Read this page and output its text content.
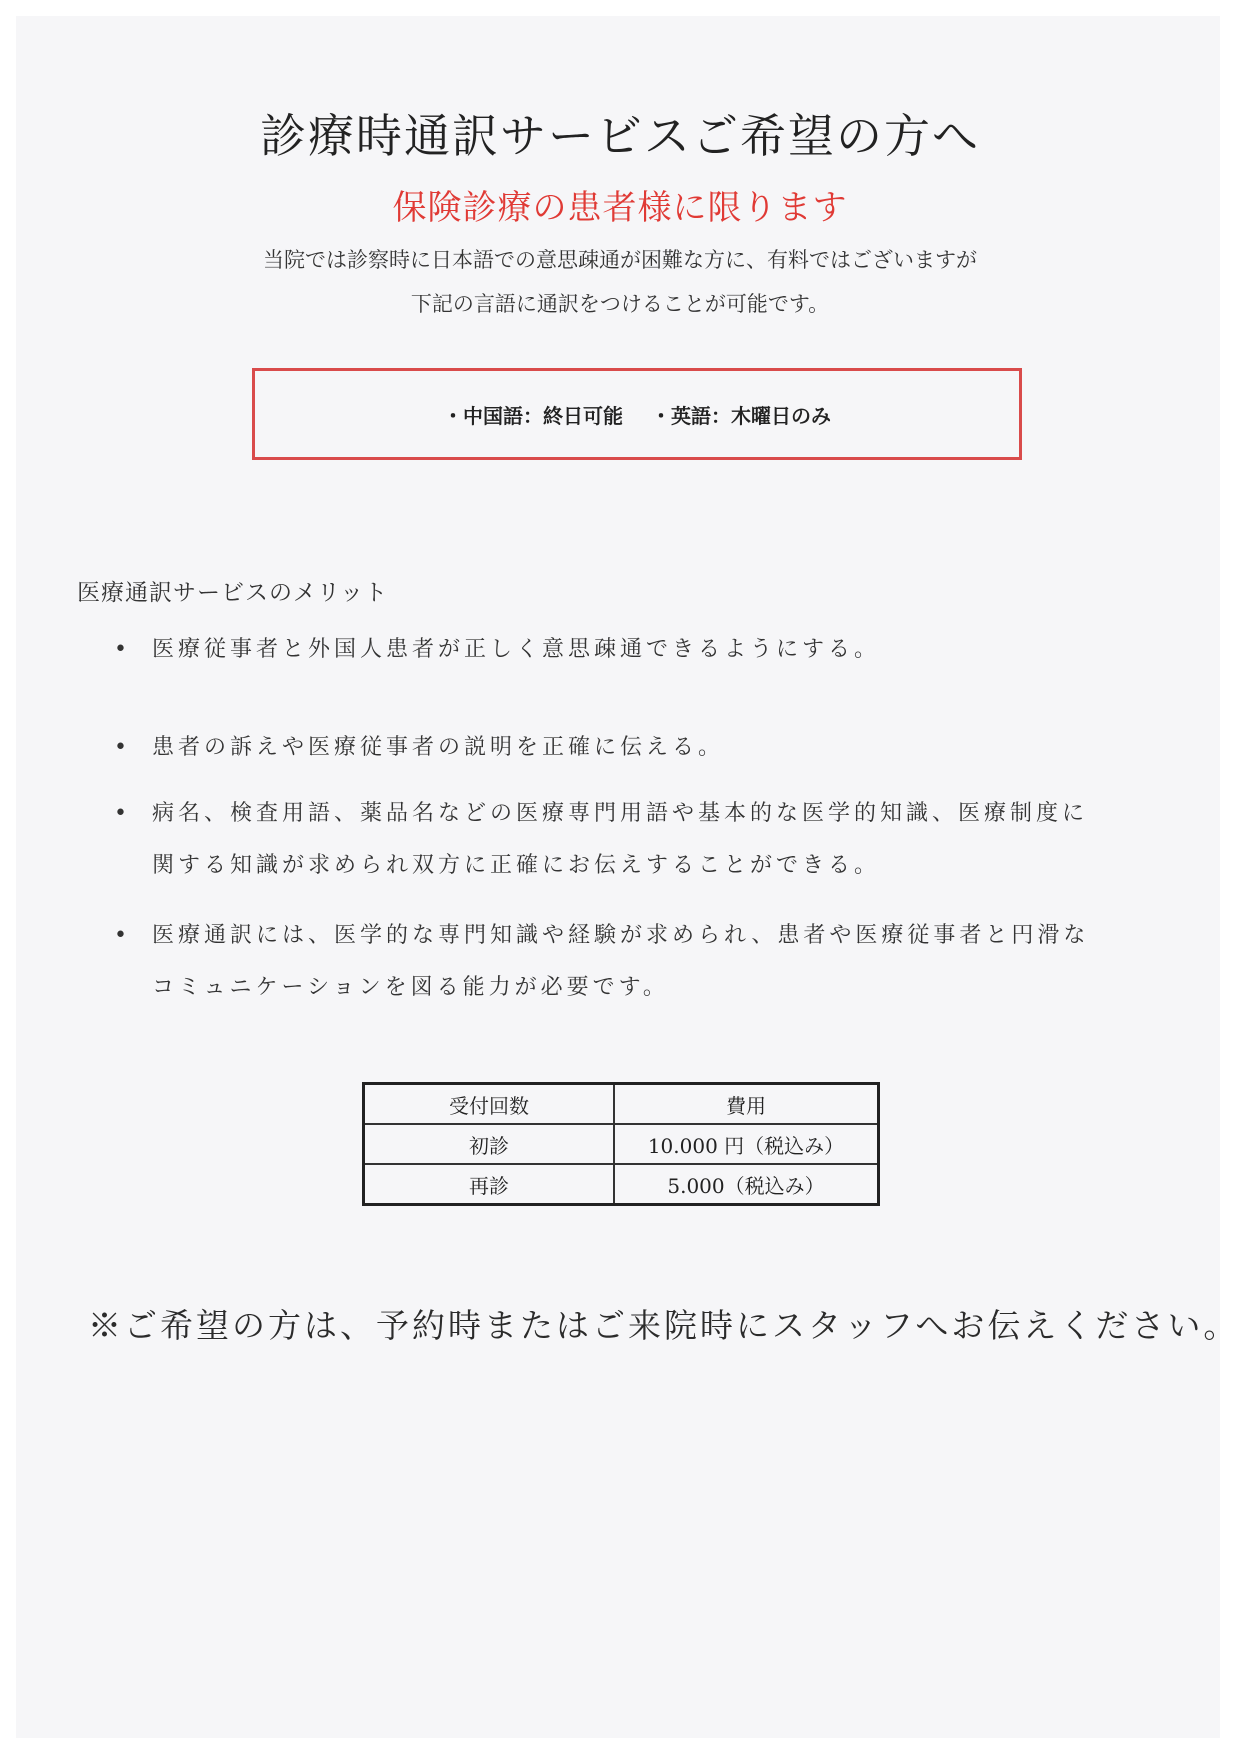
診療時通訳サービスご希望の方へ
保険診療の患者様に限ります
当院では診察時に日本語での意思疎通が困難な方に、有料ではございますが
下記の言語に通訳をつけることが可能です。
・中国語：終日可能 ・英語：木曜日のみ
医療通訳サービスのメリット
• 医療従事者と外国人患者が正しく意思疎通できるようにする。
• 患者の訴えや医療従事者の説明を正確に伝える。
• 病名、検査用語、薬品名などの医療専門用語や基本的な医学的知識、医療制度に
関する知識が求められ双方に正確にお伝えすることができる。
• 医療通訳には、医学的な専門知識や経験が求められ、患者や医療従事者と円滑な
コミュニケーションを図る能力が必要です。
受付回数	費用
初診	10.000 円（税込み）
再診	5.000（税込み）
※ご希望の方は、予約時またはご来院時にスタッフへお伝えください。
